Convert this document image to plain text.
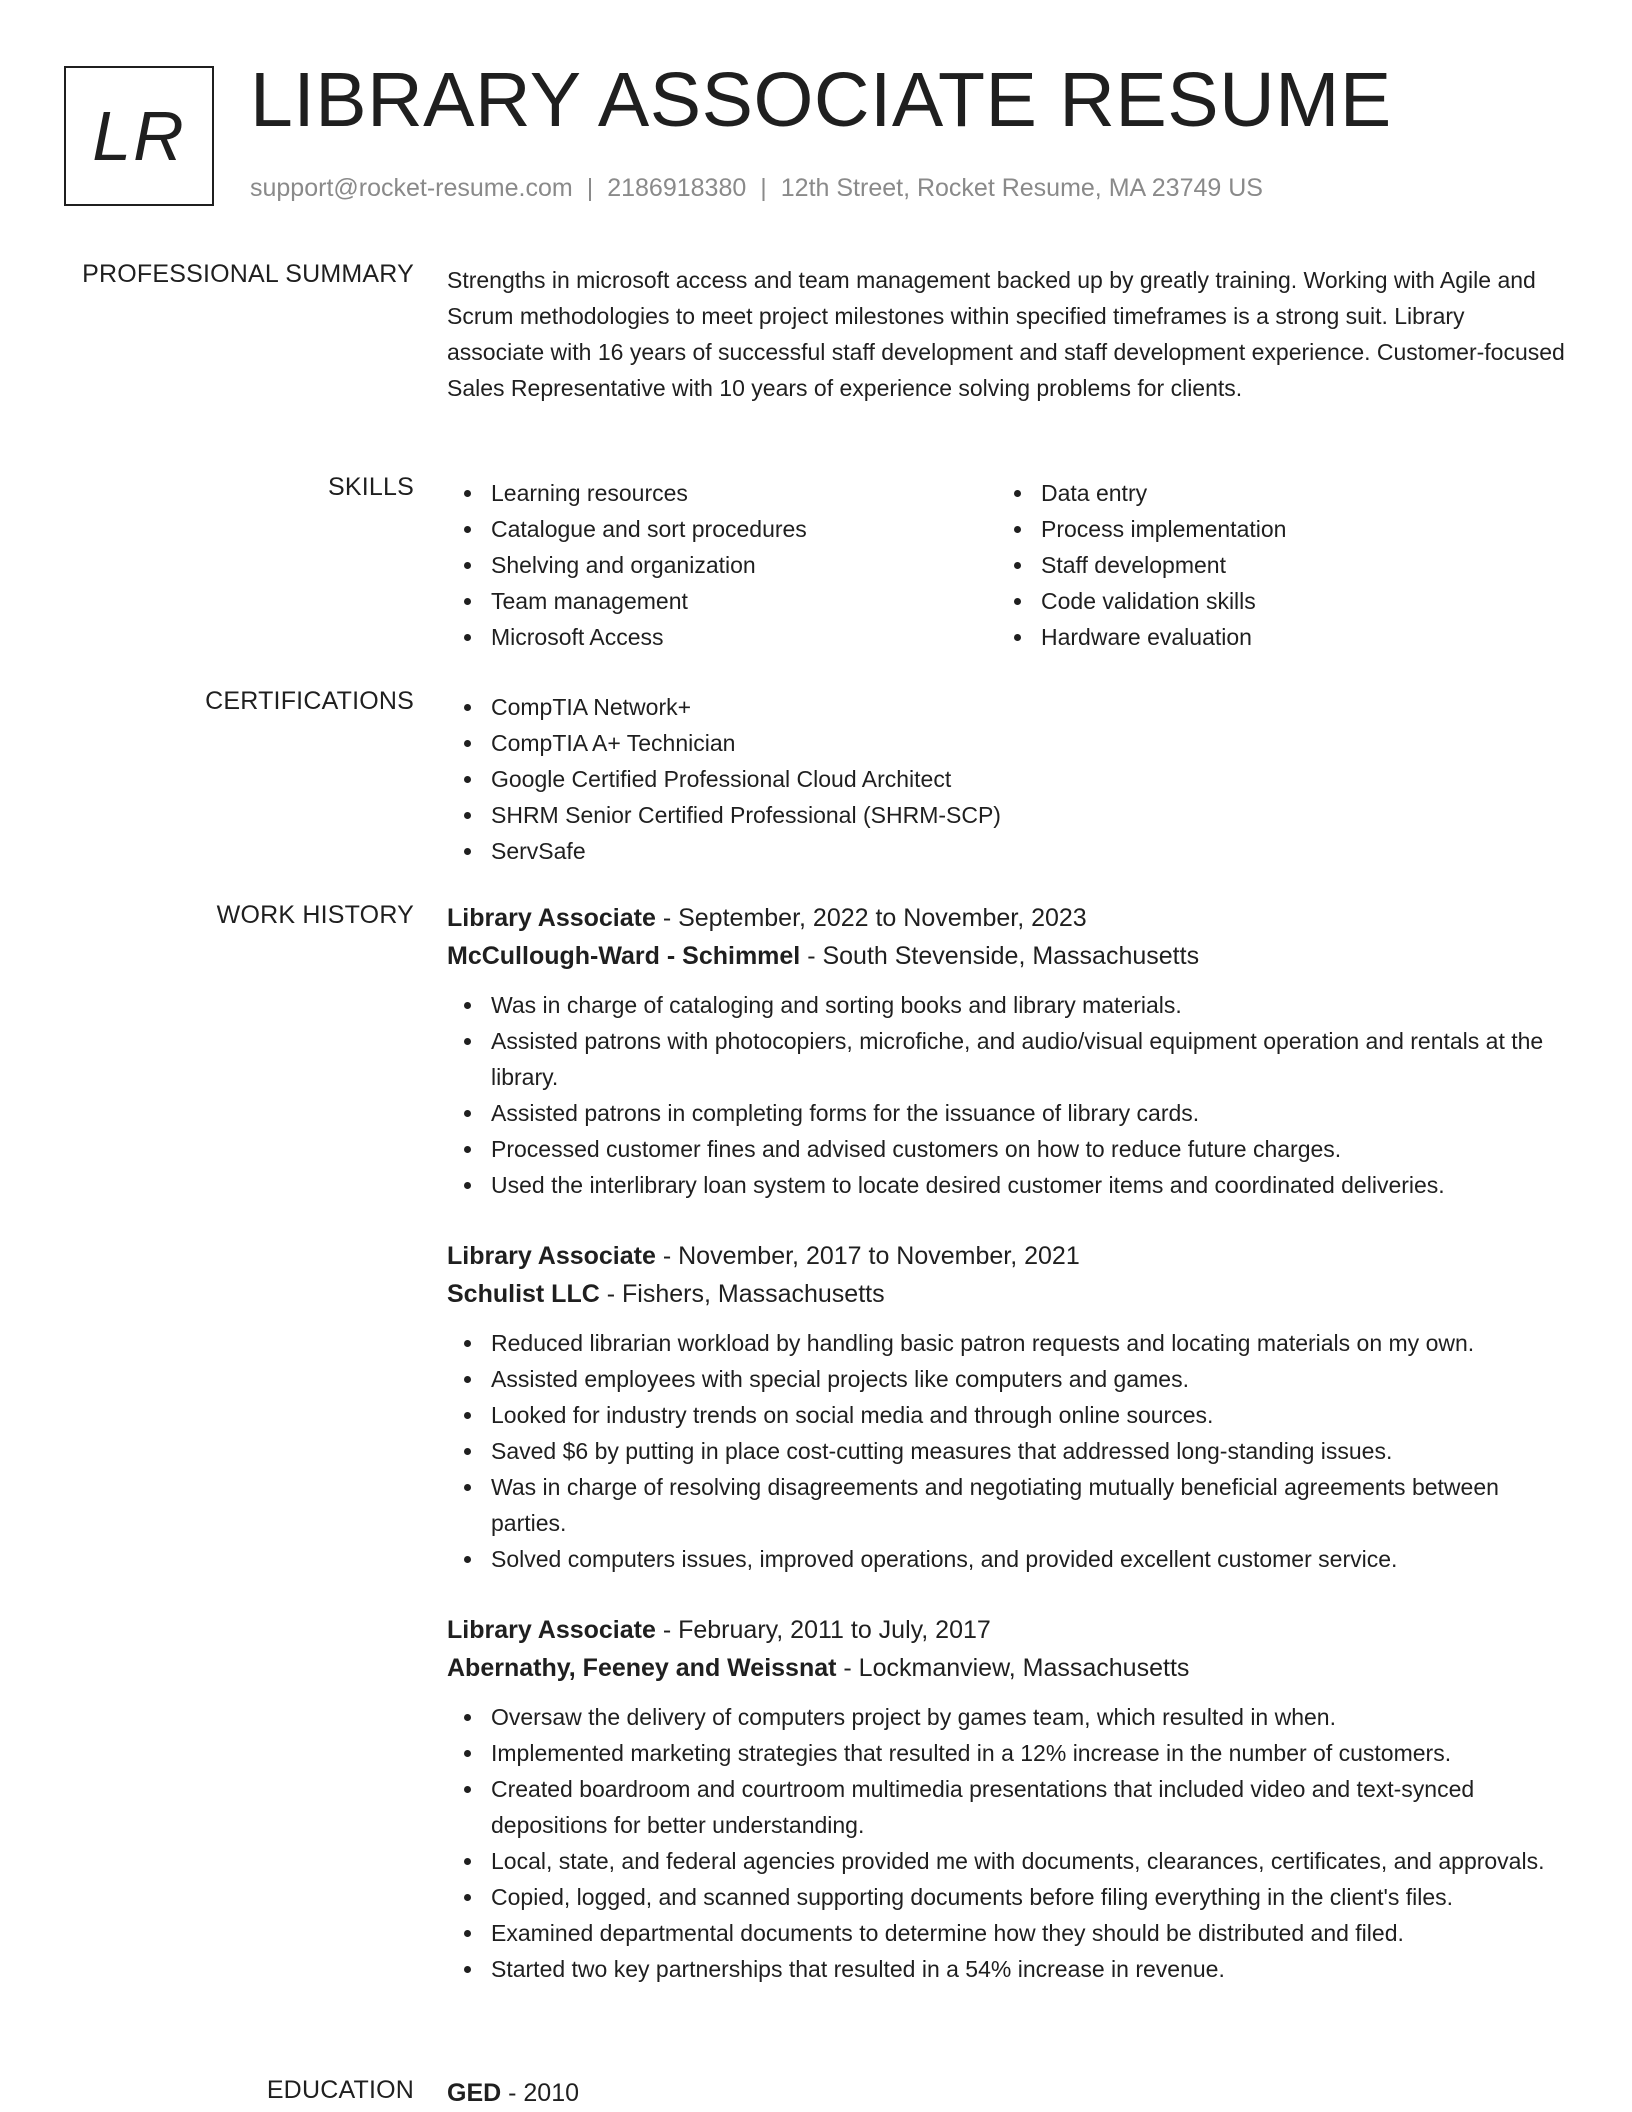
LR LIBRARY ASSOCIATE RESUME
support@rocket-resume.com | 2186918380 | 12th Street, Rocket Resume, MA 23749 US
PROFESSIONAL SUMMARY Strengths in microsoft access and team management backed up by greatly training. Working with Agile and Scrum methodologies to meet project milestones within specified timeframes is a strong suit. Library associate with 16 years of successful staff development and staff development experience. Customer-focused Sales Representative with 10 years of experience solving problems for clients.

SKILLS	Learning resources
Catalogue and sort procedures
Shelving and organization
Team management
Microsoft Access
Data entry
Process implementation
Staff development
Code validation skills
Hardware evaluation
CERTIFICATIONS	CompTIA Network+
CompTIA A+ Technician
Google Certified Professional Cloud Architect
SHRM Senior Certified Professional (SHRM-SCP)
ServSafe
WORK HISTORY Library Associate - September, 2022 to November, 2023
McCullough-Ward - Schimmel - South Stevenside, Massachusetts
Was in charge of cataloging and sorting books and library materials.
Assisted patrons with photocopiers, microfiche, and audio/visual equipment operation and rentals at the library.
Assisted patrons in completing forms for the issuance of library cards.
Processed customer fines and advised customers on how to reduce future charges.
Used the interlibrary loan system to locate desired customer items and coordinated deliveries.
Library Associate - November, 2017 to November, 2021
Schulist LLC - Fishers, Massachusetts
Reduced librarian workload by handling basic patron requests and locating materials on my own.
Assisted employees with special projects like computers and games.
Looked for industry trends on social media and through online sources.
Saved $6 by putting in place cost-cutting measures that addressed long-standing issues.
Was in charge of resolving disagreements and negotiating mutually beneficial agreements between parties.
Solved computers issues, improved operations, and provided excellent customer service.
Library Associate - February, 2011 to July, 2017
Abernathy, Feeney and Weissnat - Lockmanview, Massachusetts
Oversaw the delivery of computers project by games team, which resulted in when.
Implemented marketing strategies that resulted in a 12% increase in the number of customers.
Created boardroom and courtroom multimedia presentations that included video and text-synced depositions for better understanding.
Local, state, and federal agencies provided me with documents, clearances, certificates, and approvals.
Copied, logged, and scanned supporting documents before filing everything in the client's files.
Examined departmental documents to determine how they should be distributed and filed.
Started two key partnerships that resulted in a 54% increase in revenue.
EDUCATION GED - 2010
